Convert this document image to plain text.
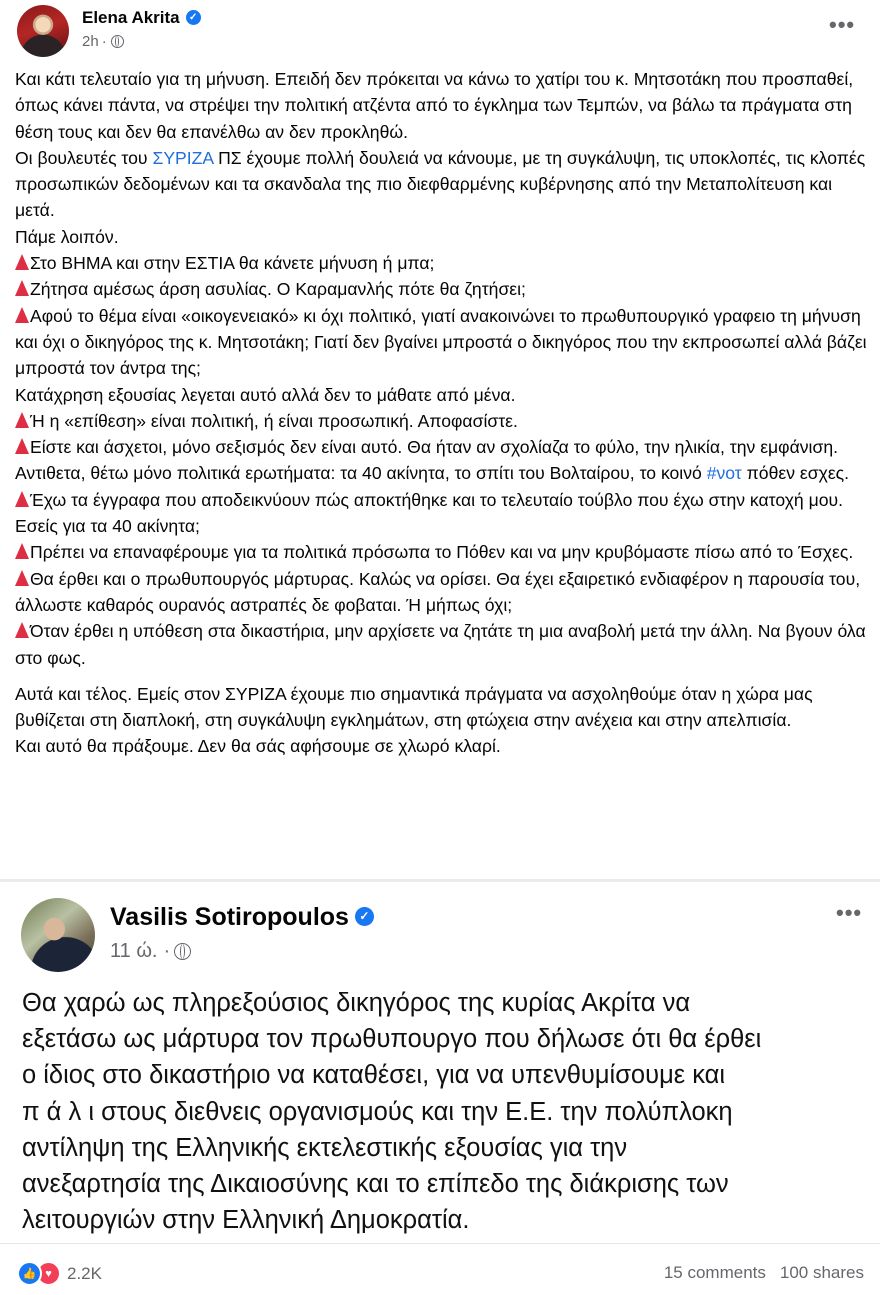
Elena Akrita ✓
2h ·
•••

Και κάτι τελευταίο για τη μήνυση. Επειδή δεν πρόκειται να κάνω το χατίρι του κ. Μητσοτάκη που προσπαθεί, όπως κάνει πάντα, να στρέψει την πολιτική ατζέντα από το έγκλημα των Τεμπών, να βάλω τα πράγματα στη θέση τους και δεν θα επανέλθω αν δεν προκληθώ.

Οι βουλευτές του ΣΥΡΙΖΑ ΠΣ έχουμε πολλή δουλειά να κάνουμε, με τη συγκάλυψη, τις υποκλοπές, τις κλοπές προσωπικών δεδομένων και τα σκανδαλα της πιο διεφθαρμένης κυβέρνησης από την Μεταπολίτευση και μετά.

Πάμε λοιπόν.

Στο ΒΗΜΑ και στην ΕΣΤΙΑ θα κάνετε μήνυση ή μπα;

Ζήτησα αμέσως άρση ασυλίας. Ο Καραμανλής πότε θα ζητήσει;

Αφού το θέμα είναι «οικογενειακό» κι όχι πολιτικό, γιατί ανακοινώνει το πρωθυπουργικό γραφειο τη μήνυση και όχι ο δικηγόρος της κ. Μητσοτάκη; Γιατί δεν βγαίνει μπροστά ο δικηγόρος που την εκπροσωπεί αλλά βάζει μπροστά τον άντρα της;

Κατάχρηση εξουσίας λεγεται αυτό αλλά δεν το μάθατε από μένα.

Ή η «επίθεση» είναι πολιτική, ή είναι προσωπική. Αποφασίστε.

Είστε και άσχετοι, μόνο σεξισμός δεν είναι αυτό. Θα ήταν αν σχολίαζα το φύλο, την ηλικία, την εμφάνιση. Αντιθετα, θέτω μόνο πολιτικά ερωτήματα: τα 40 ακίνητα, το σπίτι του Βολταίρου, το κοινό #νοτ πόθεν εσχες.

Έχω τα έγγραφα που αποδεικνύουν πώς αποκτήθηκε και το τελευταίο τούβλο που έχω στην κατοχή μου.

Εσείς για τα 40 ακίνητα;

Πρέπει να επαναφέρουμε για τα πολιτικά πρόσωπα το Πόθεν και να μην κρυβόμαστε πίσω από το Έσχες.

Θα έρθει και ο πρωθυπουργός μάρτυρας. Καλώς να ορίσει. Θα έχει εξαιρετικό ενδιαφέρον η παρουσία του, άλλωστε καθαρός ουρανός αστραπές δε φοβαται. Ή μήπως όχι;

Όταν έρθει η υπόθεση στα δικαστήρια, μην αρχίσετε να ζητάτε τη μια αναβολή μετά την άλλη. Να βγουν όλα στο φως.

Αυτά και τέλος. Εμείς στον ΣΥΡΙΖΑ έχουμε πιο σημαντικά πράγματα να ασχοληθούμε όταν η χώρα μας βυθίζεται στη διαπλοκή, στη συγκάλυψη εγκλημάτων, στη φτώχεια στην ανέχεια και στην απελπισία.

Και αυτό θα πράξουμε. Δεν θα σάς αφήσουμε σε χλωρό κλαρί.

Vasilis Sotiropoulos ✓
11 ώ. ·
•••

Θα χαρώ ως πληρεξούσιος δικηγόρος της κυρίας Ακρίτα να

εξετάσω ως μάρτυρα τον πρωθυπουργο που δήλωσε ότι θα έρθει

ο ίδιος στο δικαστήριο να καταθέσει, για να υπενθυμίσουμε και

π ά λ ι στους διεθνεις οργανισμούς και την Ε.Ε. την πολύπλοκη

αντίληψη της Ελληνικής εκτελεστικής εξουσίας για την

ανεξαρτησία της Δικαιοσύνης και το επίπεδο της διάκρισης των

λειτουργιών στην Ελληνική Δημοκρατία.

👍 ♥ 2.2K	15 comments 100 shares
